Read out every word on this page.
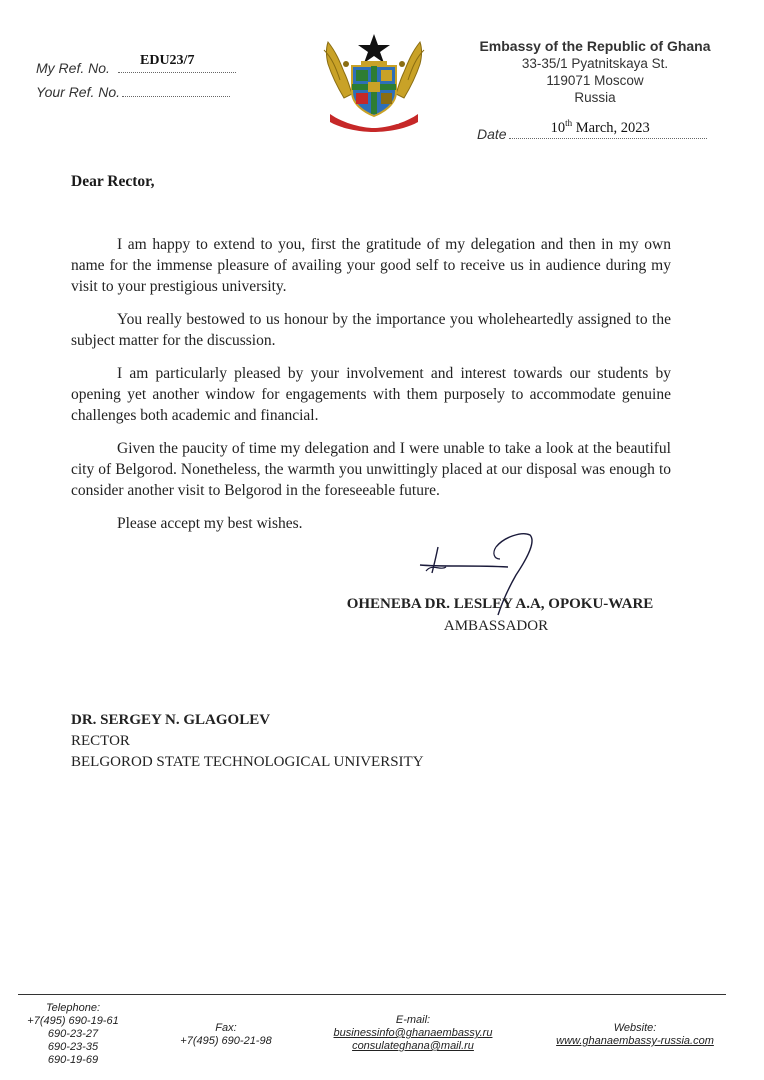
My Ref. No. EDU23/7
Your Ref. No.
FREEDOM JUSTICE
Embassy of the Republic of Ghana
33-35/1 Pyatnitskaya St.
119071 Moscow
Russia
Date	10th March, 2023
Dear Rector,

I am happy to extend to you, first the gratitude of my delegation and then in my own name for the immense pleasure of availing your good self to receive us in audience during my visit to your prestigious university.

You really bestowed to us honour by the importance you wholeheartedly assigned to the subject matter for the discussion.

I am particularly pleased by your involvement and interest towards our students by opening yet another window for engagements with them purposely to accommodate genuine challenges both academic and financial.

Given the paucity of time my delegation and I were unable to take a look at the beautiful city of Belgorod. Nonetheless, the warmth you unwittingly placed at our disposal was enough to consider another visit to Belgorod in the foreseeable future.

Please accept my best wishes.

OHENEBA DR. LESLEY A.A, OPOKU-WARE
AMBASSADOR
DR. SERGEY N. GLAGOLEV
RECTOR
BELGOROD STATE TECHNOLOGICAL UNIVERSITY
Telephone:
+7(495) 690-19-61
690-23-27
690-23-35
690-19-69
Fax:
+7(495) 690-21-98
E-mail:
businessinfo@ghanaembassy.ru
consulateghana@mail.ru
Website:
www.ghanaembassy-russia.com
